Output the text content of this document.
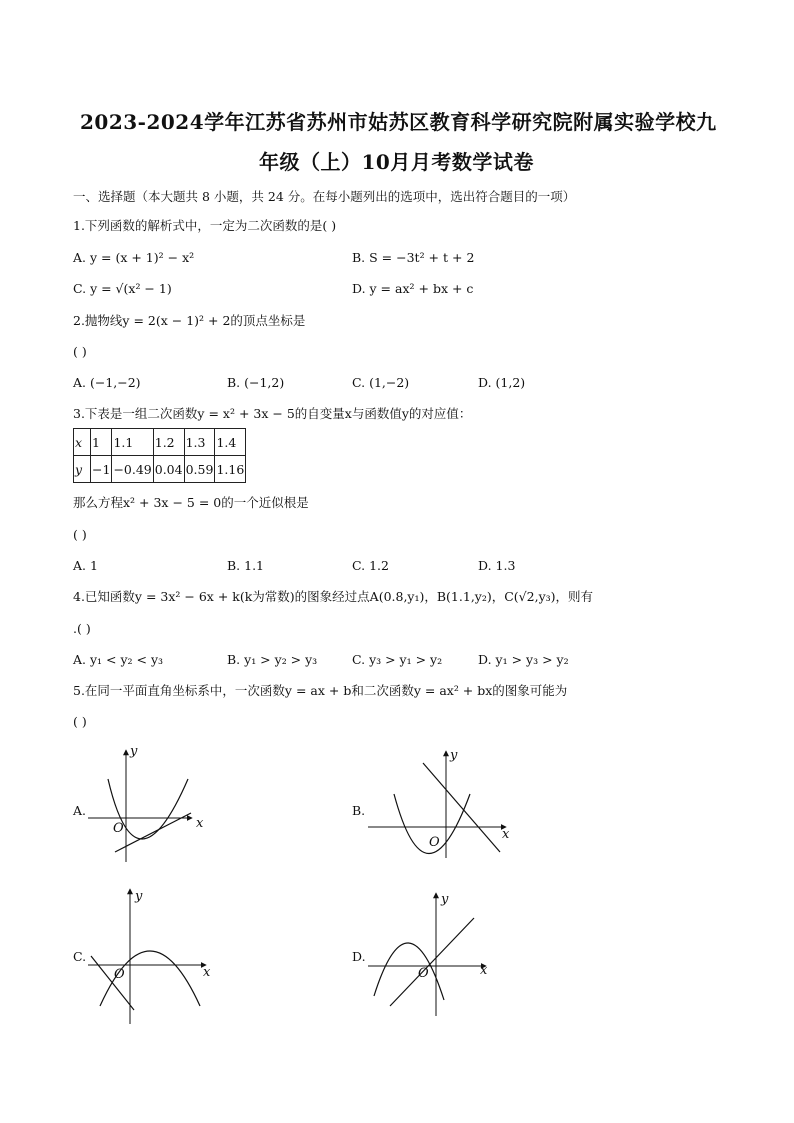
2023-2024学年江苏省苏州市姑苏区教育科学研究院附属实验学校九
年级（上）10月月考数学试卷
一、选择题（本大题共 8 小题，共 24 分。在每小题列出的选项中，选出符合题目的一项）
1.下列函数的解析式中，一定为二次函数的是( )
A. y = (x + 1)² − x²	B. S = −3t² + t + 2
C. y = √(x² − 1)	D. y = ax² + bx + c
2.抛物线y = 2(x − 1)² + 2的顶点坐标是
( )
A. (−1,−2)	B. (−1,2)	C. (1,−2)	D. (1,2)
3.下表是一组二次函数y = x² + 3x − 5的自变量x与函数值y的对应值：
x	1	1.1	1.2	1.3	1.4
y	−1	−0.49	0.04	0.59	1.16
那么方程x² + 3x − 5 = 0的一个近似根是
( )
A. 1	B. 1.1	C. 1.2	D. 1.3
4.已知函数y = 3x² − 6x + k(k为常数)的图象经过点A(0.8,y₁)，B(1.1,y₂)，C(√2,y₃)，则有
.( )
A. y₁ < y₂ < y₃	B. y₁ > y₂ > y₃	C. y₃ > y₁ > y₂	D. y₁ > y₃ > y₂
5.在同一平面直角坐标系中，一次函数y = ax + b和二次函数y = ax² + bx的图象可能为
( )
A.
x
y
O
B.
x
y
O
C.
x
y
O
D.
x
y
O
